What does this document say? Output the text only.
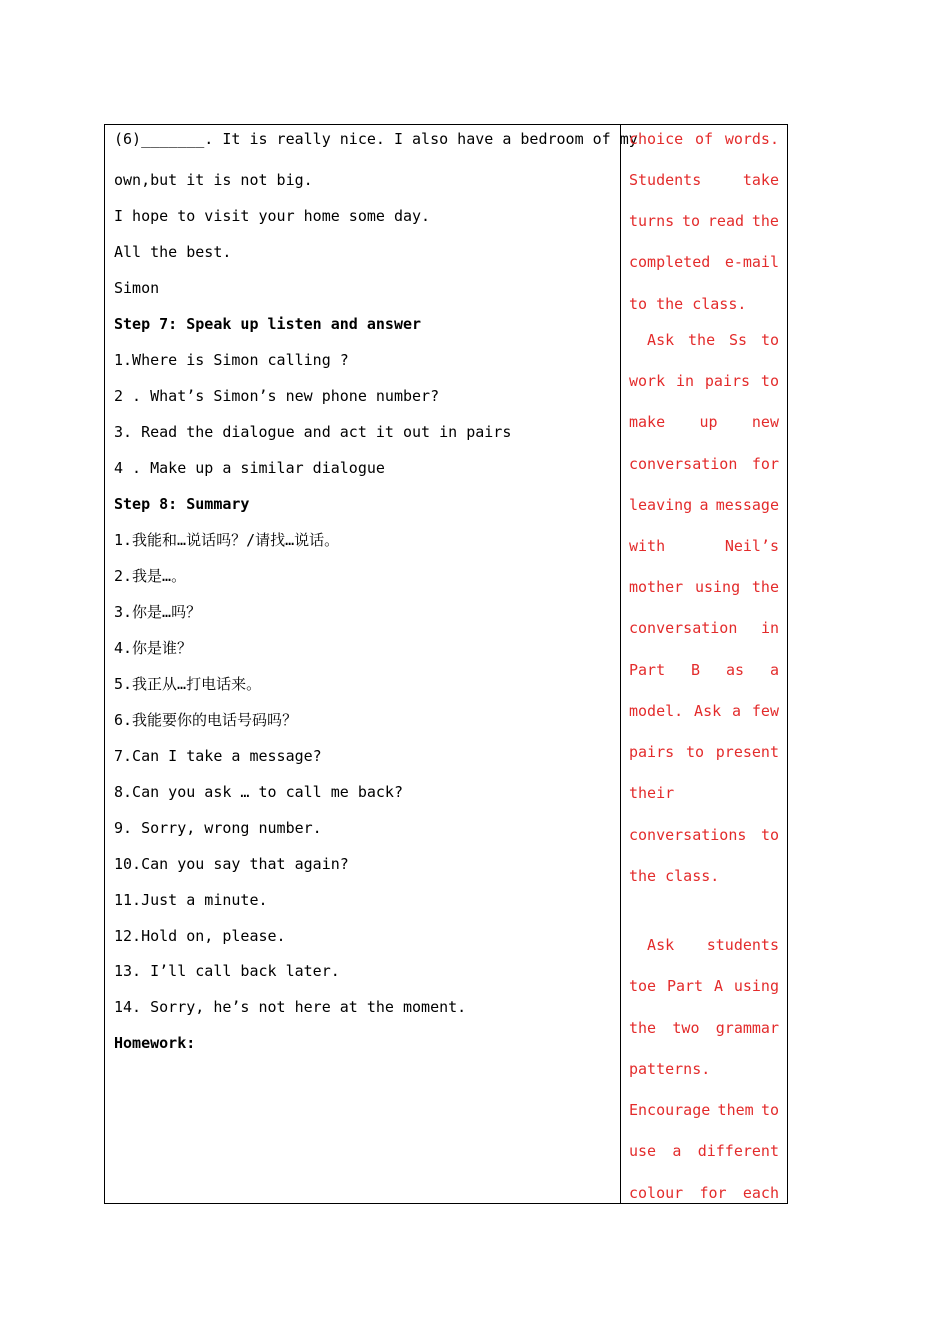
(6)_______. It is really nice. I also have a bedroom of my
own,but it is not big.
I hope to visit your home some day.
All the best.
Simon
Step 7: Speak up listen and answer
1.Where is Simon calling ?
2 . What’s Simon’s new phone number?
3. Read the dialogue and act it out in pairs
4 . Make up a similar dialogue
Step 8: Summary
1.我能和…说话吗？/请找…说话。
2.我是…。
3.你是…吗？
4.你是谁？
5.我正从…打电话来。
6.我能要你的电话号码吗？
7.Can I take a message?
8.Can you ask … to call me back?
9. Sorry, wrong number.
10.Can you say that again?
11.Just a minute.
12.Hold on, please.
13. I’ll call back later.
14. Sorry, he’s not here at the moment.
Homework:
choice of words.
Students	take
turns to read the
completed e-mail
to the class.
Ask the Ss to
work in pairs to
make up new
conversation for
leaving a message
with	Neil’s
mother using the
conversation in
Part B as a
model. Ask a few
pairs to present
their
conversations to
the class.
Ask students
toe Part A using
the two grammar
patterns.
Encourage them to
use a different
colour for each
